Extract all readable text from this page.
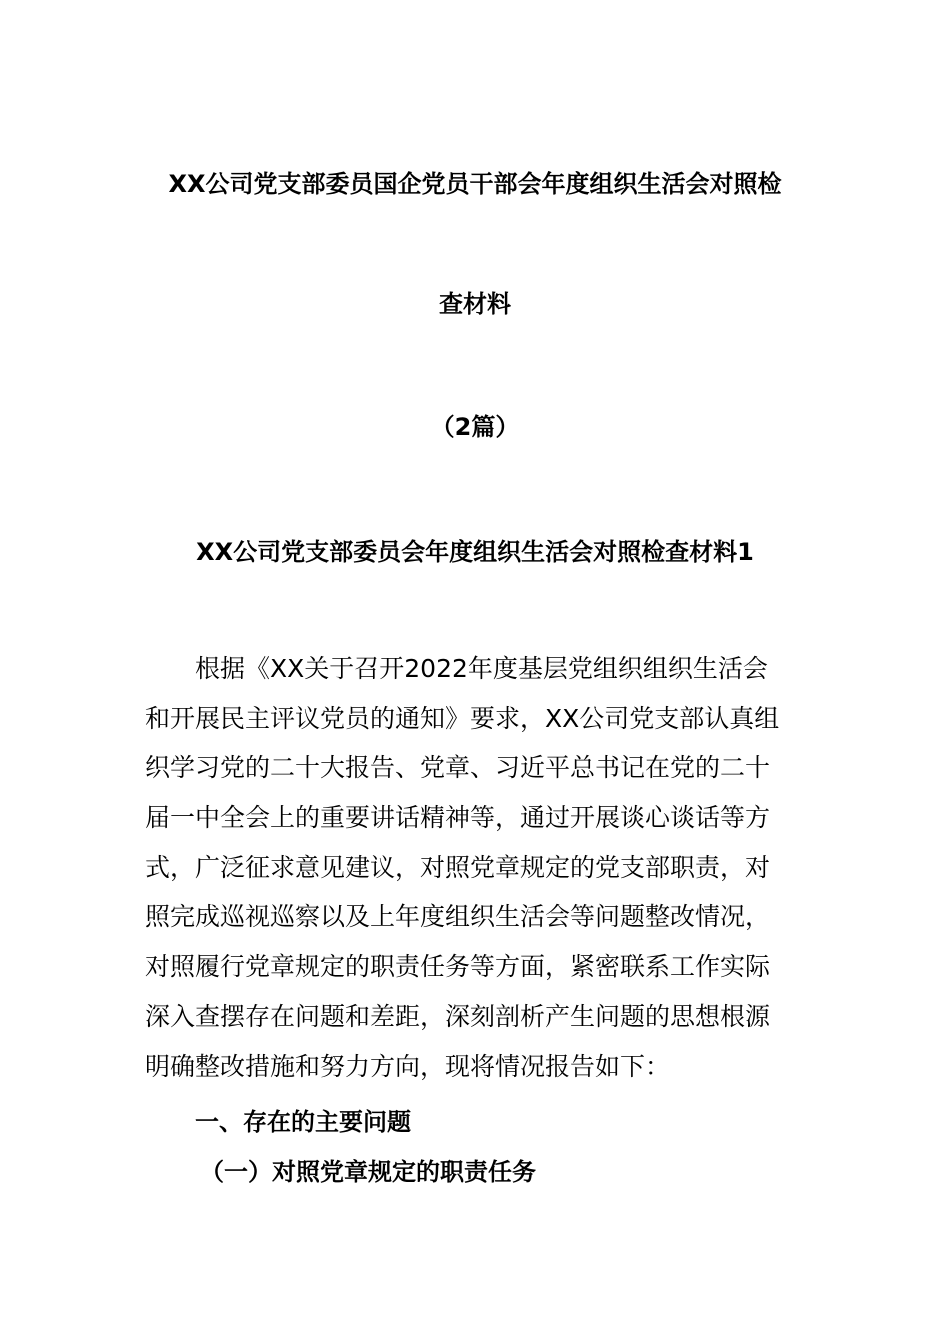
XX公司党支部委员国企党员干部会年度组织生活会对照检
查材料
（2篇）
XX公司党支部委员会年度组织生活会对照检查材料1
根据《XX关于召开2022年度基层党组织组织生活会
和开展民主评议党员的通知》要求，XX公司党支部认真组
织学习党的二十大报告、党章、习近平总书记在党的二十
届一中全会上的重要讲话精神等，通过开展谈心谈话等方
式，广泛征求意见建议，对照党章规定的党支部职责，对
照完成巡视巡察以及上年度组织生活会等问题整改情况，
对照履行党章规定的职责任务等方面，紧密联系工作实际
深入查摆存在问题和差距，深刻剖析产生问题的思想根源
明确整改措施和努力方向，现将情况报告如下：
一、存在的主要问题
（一）对照党章规定的职责任务
